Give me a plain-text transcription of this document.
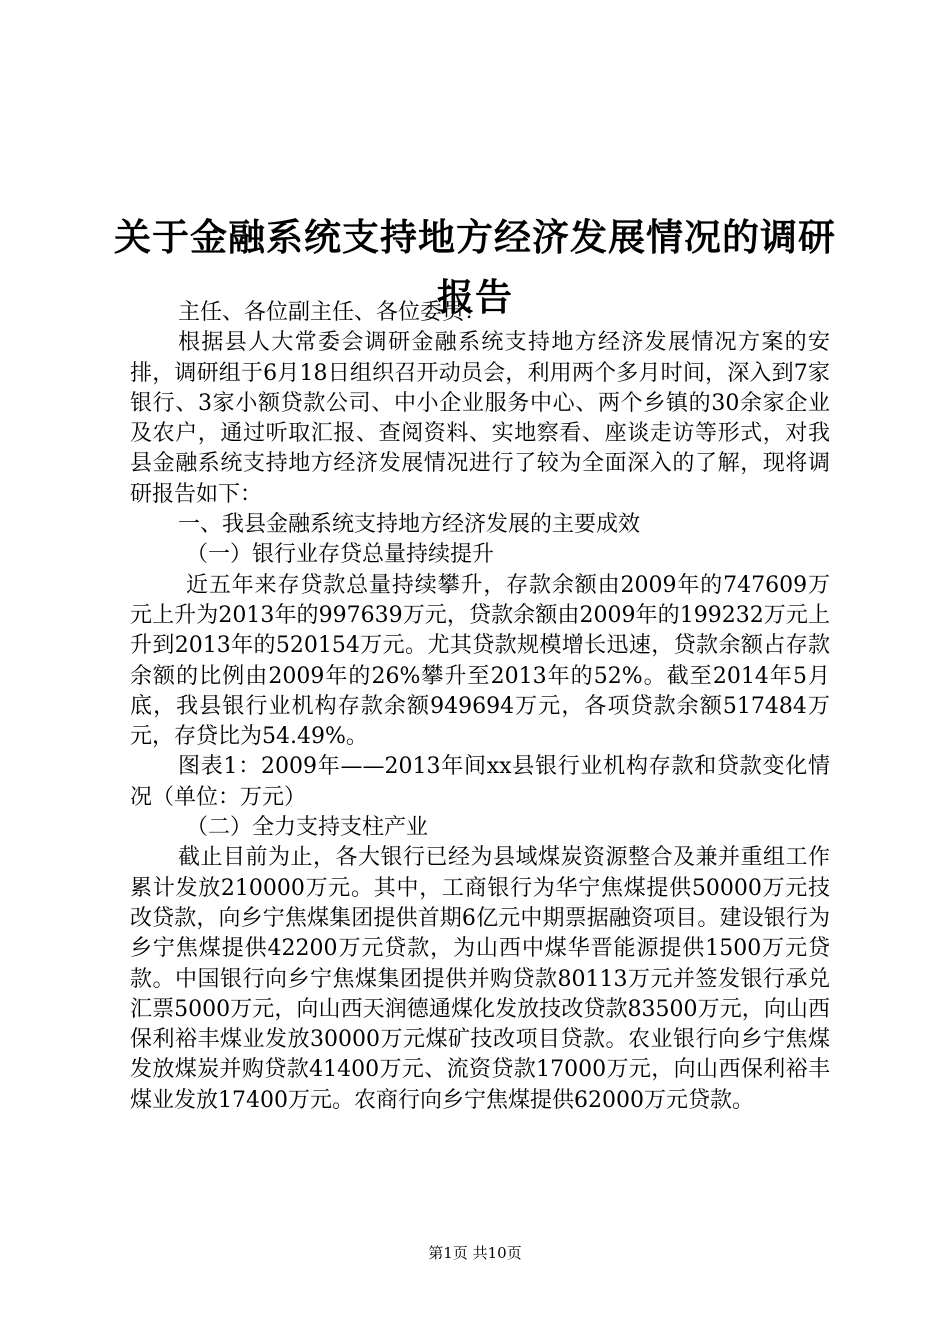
关于金融系统支持地方经济发展情况的调研报告

主任、各位副主任、各位委员：

根据县人大常委会调研金融系统支持地方经济发展情况方案的安排，调研组于6月18日组织召开动员会，利用两个多月时间，深入到7家银行、3家小额贷款公司、中小企业服务中心、两个乡镇的30余家企业及农户，通过听取汇报、查阅资料、实地察看、座谈走访等形式，对我县金融系统支持地方经济发展情况进行了较为全面深入的了解，现将调研报告如下：

一、我县金融系统支持地方经济发展的主要成效

（一）银行业存贷总量持续提升

近五年来存贷款总量持续攀升，存款余额由2009年的747609万元上升为2013年的997639万元，贷款余额由2009年的199232万元上升到2013年的520154万元。尤其贷款规模增长迅速，贷款余额占存款余额的比例由2009年的26%攀升至2013年的52%。截至2014年5月底，我县银行业机构存款余额949694万元，各项贷款余额517484万元，存贷比为54.49%。

图表1：2009年——2013年间xx县银行业机构存款和贷款变化情况（单位：万元）

（二）全力支持支柱产业

截止目前为止，各大银行已经为县域煤炭资源整合及兼并重组工作累计发放210000万元。其中，工商银行为华宁焦煤提供50000万元技改贷款，向乡宁焦煤集团提供首期6亿元中期票据融资项目。建设银行为乡宁焦煤提供42200万元贷款，为山西中煤华晋能源提供1500万元贷款。中国银行向乡宁焦煤集团提供并购贷款80113万元并签发银行承兑汇票5000万元，向山西天润德通煤化发放技改贷款83500万元，向山西保利裕丰煤业发放30000万元煤矿技改项目贷款。农业银行向乡宁焦煤发放煤炭并购贷款41400万元、流资贷款17000万元，向山西保利裕丰煤业发放17400万元。农商行向乡宁焦煤提供62000万元贷款。

第1页 共10页
